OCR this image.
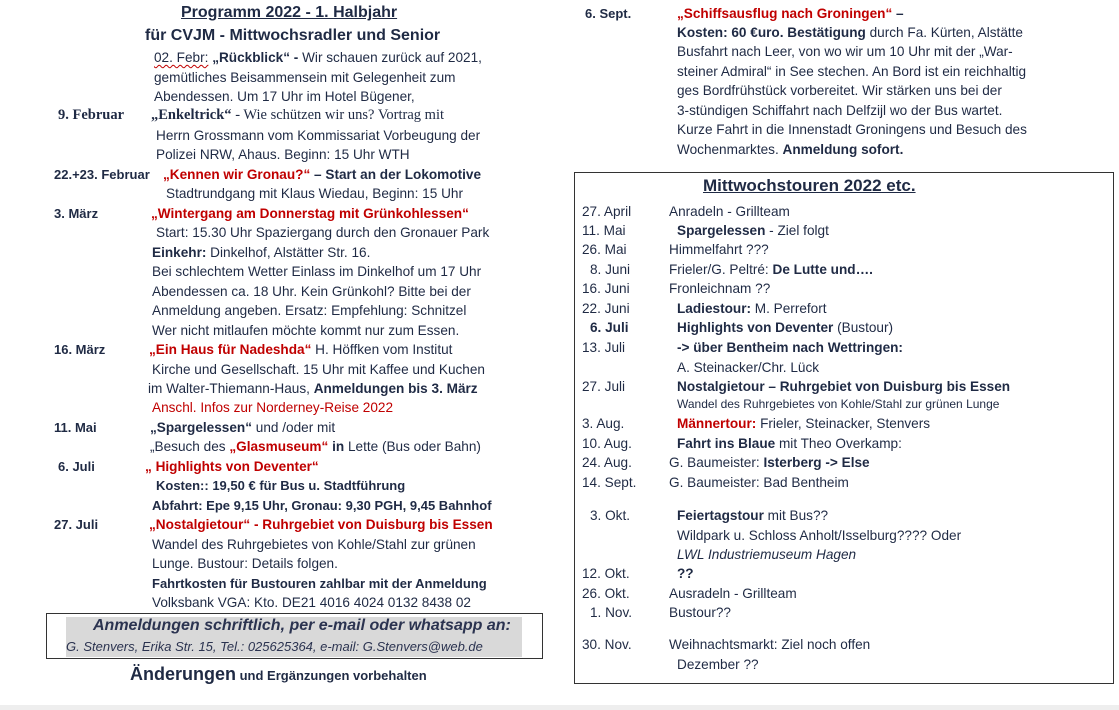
Programm 2022 - 1. Halbjahr
für CVJM - Mittwochsradler und Senior
02. Febr: „Rückblick“ - Wir schauen zurück auf 2021,
gemütliches Beisammensein mit Gelegenheit zum
Abendessen. Um 17 Uhr im Hotel Bügener,
9. Februar „Enkeltrick“ - Wie schützen wir uns? Vortrag mit
Herrn Grossmann vom Kommissariat Vorbeugung der
Polizei NRW, Ahaus. Beginn: 15 Uhr WTH
22.+23. Februar „Kennen wir Gronau?“ – Start an der Lokomotive
Stadtrundgang mit Klaus Wiedau, Beginn: 15 Uhr
3. März	„Wintergang am Donnerstag mit Grünkohlessen“
Start: 15.30 Uhr Spaziergang durch den Gronauer Park
Einkehr: Dinkelhof, Alstätter Str. 16.
Bei schlechtem Wetter Einlass im Dinkelhof um 17 Uhr
Abendessen ca. 18 Uhr. Kein Grünkohl? Bitte bei der
Anmeldung angeben. Ersatz: Empfehlung: Schnitzel
Wer nicht mitlaufen möchte kommt nur zum Essen.
16. März	„Ein Haus für Nadeshda“ H. Höffken vom Institut
Kirche und Gesellschaft. 15 Uhr mit Kaffee und Kuchen
im Walter-Thiemann-Haus, Anmeldungen bis 3. März
Anschl. Infos zur Norderney-Reise 2022
11. Mai	„Spargelessen“ und /oder mit
„Besuch des „Glasmuseum“ in Lette (Bus oder Bahn)
6. Juli	„ Highlights von Deventer“
Kosten:: 19,50 € für Bus u. Stadtführung
Abfahrt: Epe 9,15 Uhr, Gronau: 9,30 PGH, 9,45 Bahnhof
27. Juli	„Nostalgietour“ - Ruhrgebiet von Duisburg bis Essen
Wandel des Ruhrgebietes von Kohle/Stahl zur grünen
Lunge. Bustour: Details folgen.
Fahrtkosten für Bustouren zahlbar mit der Anmeldung
Volksbank VGA: Kto. DE21 4016 4024 0132 8438 02
Anmeldungen schriftlich, per e-mail oder whatsapp an:
G. Stenvers, Erika Str. 15, Tel.: 025625364, e-mail: G.Stenvers@web.de
Änderungen und Ergänzungen vorbehalten
6. Sept.	„Schiffsausflug nach Groningen“ –
Kosten: 60 €uro. Bestätigung durch Fa. Kürten, Alstätte
Busfahrt nach Leer, von wo wir um 10 Uhr mit der „War-
steiner Admiral“ in See stechen. An Bord ist ein reichhaltig
ges Bordfrühstück vorbereitet. Wir stärken uns bei der
3-stündigen Schiffahrt nach Delfzijl wo der Bus wartet.
Kurze Fahrt in die Innenstadt Groningens und Besuch des
Wochenmarktes. Anmeldung sofort.
Mittwochstouren 2022 etc.
27. April	Anradeln - Grillteam
11. Mai	Spargelessen - Ziel folgt
26. Mai	Himmelfahrt ???
8. Juni	Frieler/G. Peltré: De Lutte und….
16. Juni	Fronleichnam ??
22. Juni	Ladiestour: M. Perrefort
6. Juli	Highlights von Deventer (Bustour)
13. Juli	-> über Bentheim nach Wettringen:
A. Steinacker/Chr. Lück
27. Juli	Nostalgietour – Ruhrgebiet von Duisburg bis Essen
Wandel des Ruhrgebietes von Kohle/Stahl zur grünen Lunge
3. Aug.	Männertour: Frieler, Steinacker, Stenvers
10. Aug.	Fahrt ins Blaue mit Theo Overkamp:
24. Aug.	G. Baumeister: Isterberg -> Else
14. Sept. G. Baumeister: Bad Bentheim
3. Okt.	Feiertagstour mit Bus??
Wildpark u. Schloss Anholt/Isselburg???? Oder
LWL Industriemuseum Hagen
12. Okt.	??
26. Okt.	Ausradeln - Grillteam
1. Nov.	Bustour??
30. Nov.	Weihnachtsmarkt: Ziel noch offen
Dezember ??
